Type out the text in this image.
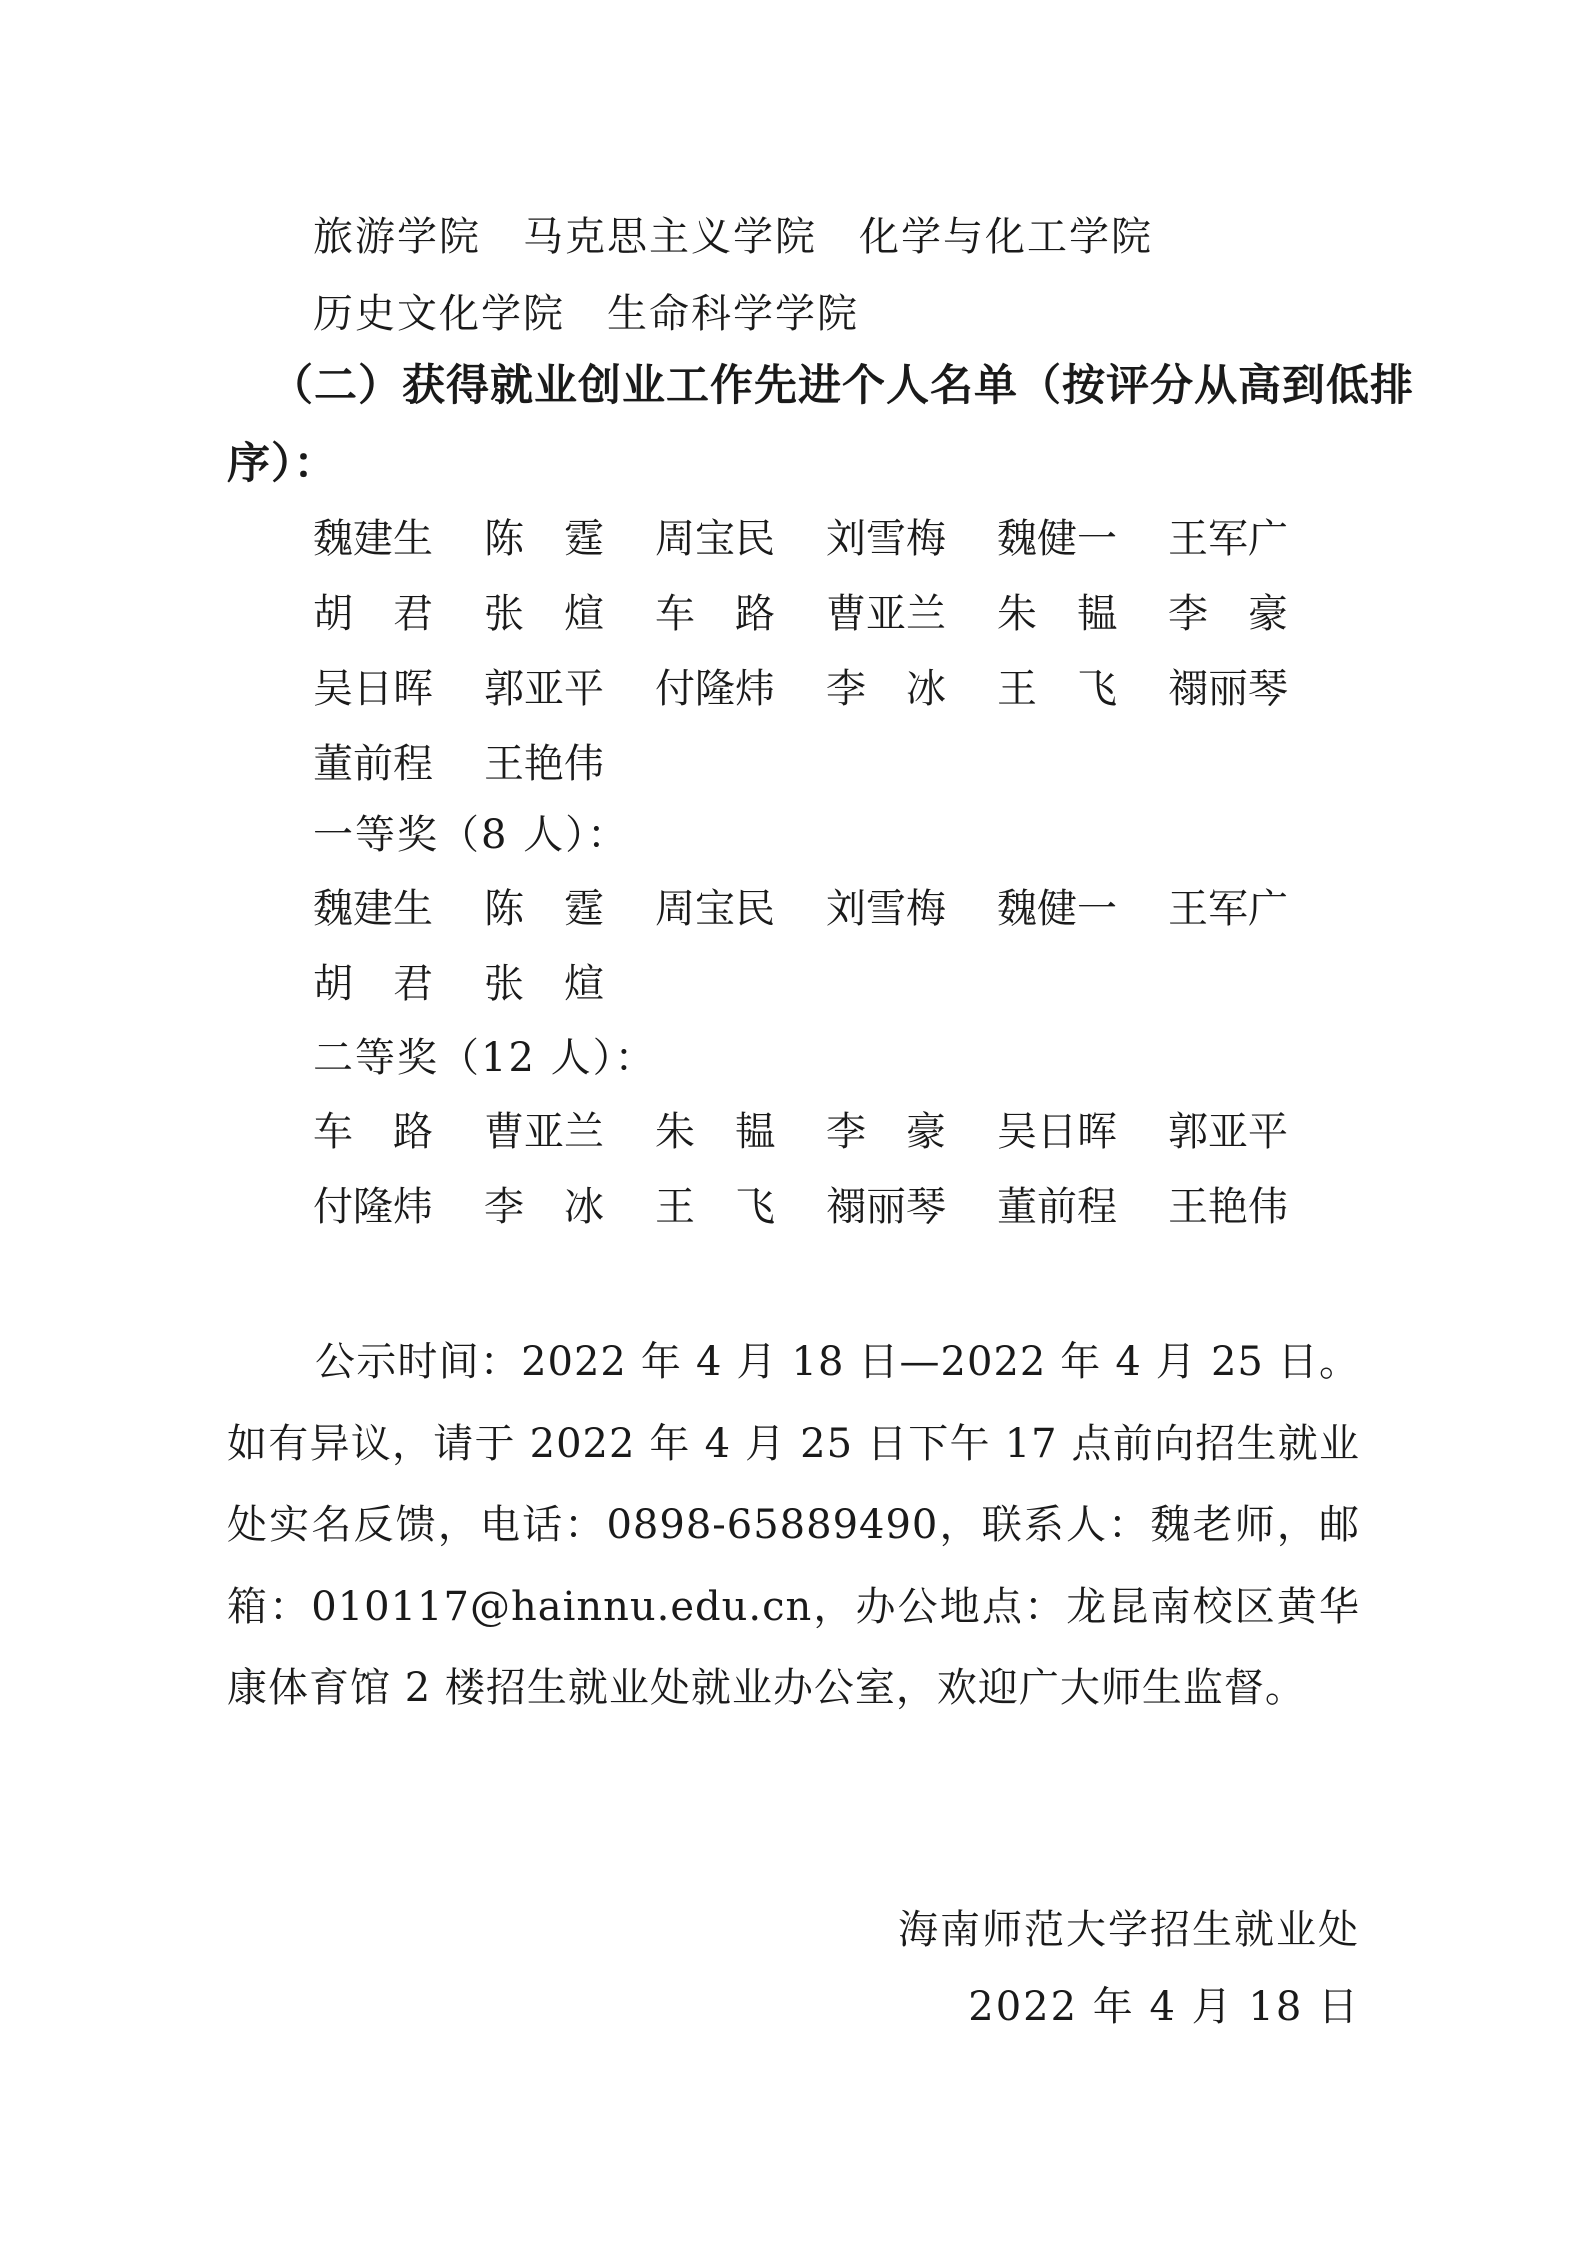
旅游学院　马克思主义学院　化学与化工学院
历史文化学院　生命科学学院
（二）获得就业创业工作先进个人名单（按评分从高到低排
序）：
魏 建 生 陈 霆 周 宝 民 刘 雪 梅 魏 健 一 王 军 广
胡 君 张 煊 车 路 曹 亚 兰 朱 韫 李 豪
吴 日 晖 郭 亚 平 付 隆 炜 李 冰 王 飞 禤 丽 琴
董 前 程 王 艳 伟
一等奖（8 人）：
魏 建 生 陈 霆 周 宝 民 刘 雪 梅 魏 健 一 王 军 广
胡 君 张 煊
二等奖（12 人）：
车 路 曹 亚 兰 朱 韫 李 豪 吴 日 晖 郭 亚 平
付 隆 炜 李 冰 王 飞 禤 丽 琴 董 前 程 王 艳 伟
公示时间：2022 年 4 月 18 日—2022 年 4 月 25 日。如有异议，请于 2022 年 4 月 25 日下午 17 点前向招生就业处实名反馈，电话：0898-65889490，联系人：魏老师，邮箱：010117@hainnu.edu.cn，办公地点：龙昆南校区黄华康体育馆 2 楼招生就业处就业办公室，欢迎广大师生监督。
海南师范大学招生就业处
2022 年 4 月 18 日
